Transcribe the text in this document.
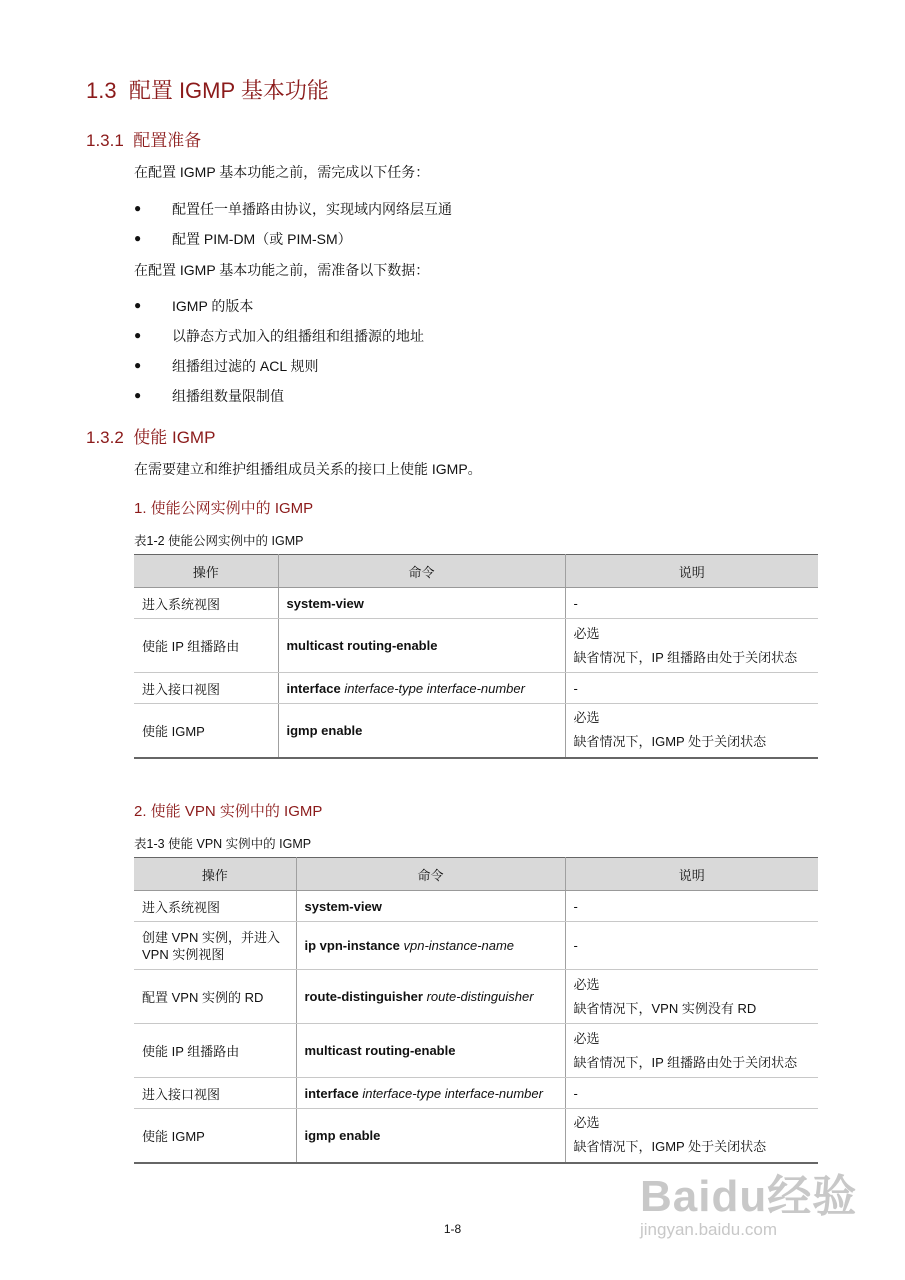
1.3 配置 IGMP 基本功能
1.3.1 配置准备
在配置 IGMP 基本功能之前，需完成以下任务：
● 配置任一单播路由协议，实现域内网络层互通
● 配置 PIM-DM（或 PIM-SM）
在配置 IGMP 基本功能之前，需准备以下数据：
● IGMP 的版本
● 以静态方式加入的组播组和组播源的地址
● 组播组过滤的 ACL 规则
● 组播组数量限制值
1.3.2 使能 IGMP
在需要建立和维护组播组成员关系的接口上使能 IGMP。
1. 使能公网实例中的 IGMP
表1-2 使能公网实例中的 IGMP
操作	命令	说明
进入系统视图	system-view	-
使能 IP 组播路由	multicast routing-enable	必选
缺省情况下，IP 组播路由处于关闭状态

进入接口视图	interface interface-type interface-number	-
使能 IGMP	igmp enable	必选
缺省情况下，IGMP 处于关闭状态
2. 使能 VPN 实例中的 IGMP
表1-3 使能 VPN 实例中的 IGMP
操作	命令	说明
进入系统视图	system-view	-

创建 VPN 实例，并进入
VPN 实例视图	ip vpn-instance vpn-instance-name	-
配置 VPN 实例的 RD	route-distinguisher route-distinguisher	必选
缺省情况下，VPN 实例没有 RD

使能 IP 组播路由	multicast routing-enable	必选
缺省情况下，IP 组播路由处于关闭状态

进入接口视图	interface interface-type interface-number	-
使能 IGMP	igmp enable	必选
缺省情况下，IGMP 处于关闭状态
Baidu经验
jingyan.baidu.com
1-8
